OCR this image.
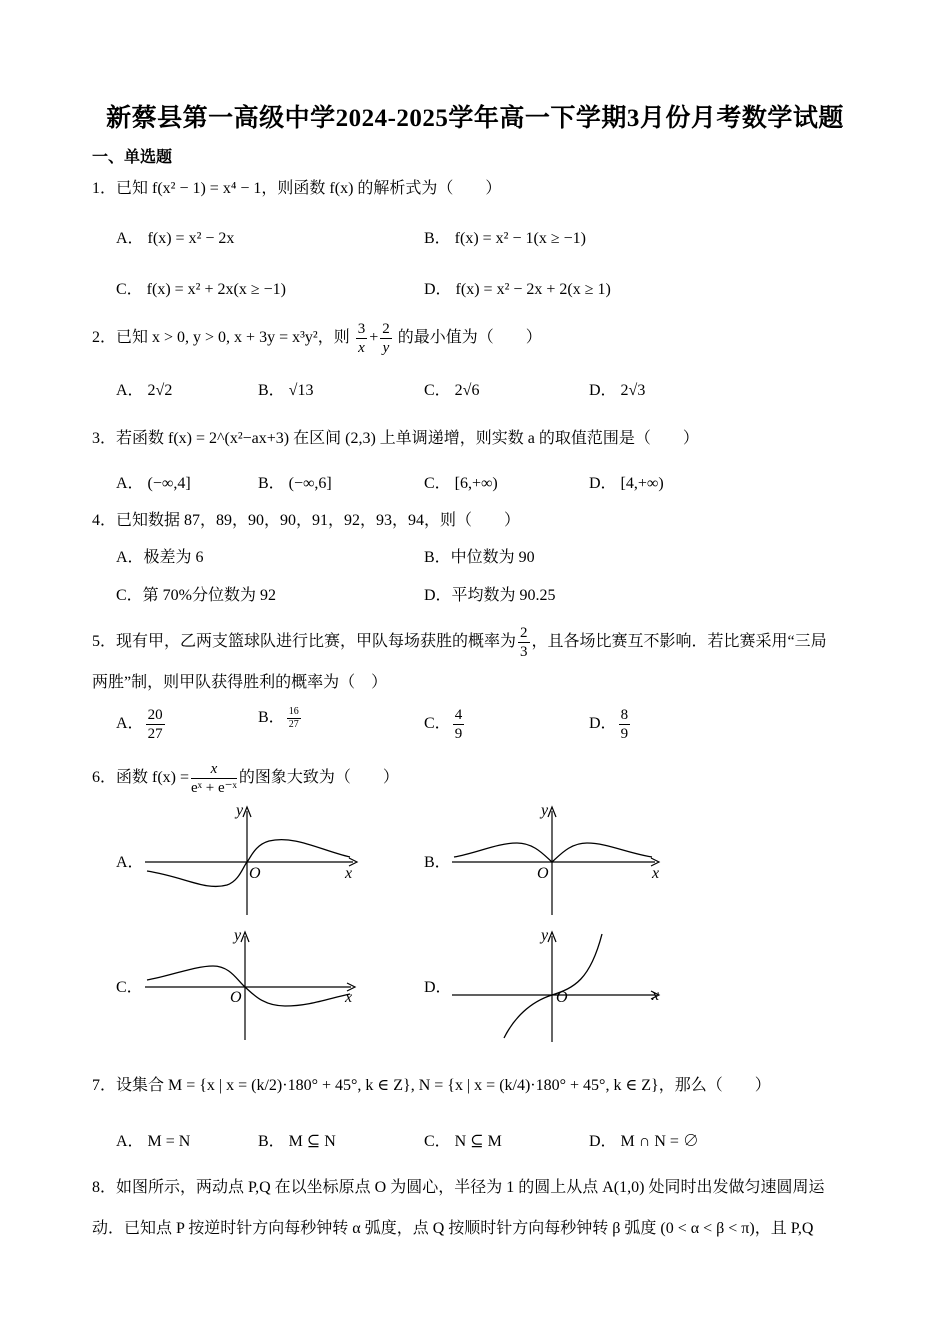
新蔡县第一高级中学2024-2025学年高一下学期3月份月考数学试题
一、单选题
1．已知 f(x² − 1) = x⁴ − 1，则函数 f(x) 的解析式为（　　）
A． f(x) = x² − 2x	B． f(x) = x² − 1(x ≥ −1)
C． f(x) = x² + 2x(x ≥ −1)	D． f(x) = x² − 2x + 2(x ≥ 1)
2．已知 x > 0, y > 0, x + 3y = x³y²，则 $\frac{3}{x} + \frac{2}{y}$ 的最小值为（　　）
A． 2√2	B． √13	C． 2√6	D． 2√3
3．若函数 f(x) = 2^(x²−ax+3) 在区间 (2,3) 上单调递增，则实数 a 的取值范围是（　　）
A． (−∞,4]	B． (−∞,6]	C． [6,+∞)	D． [4,+∞)
4．已知数据 87，89，90，90，91，92，93，94，则（　　）
A．极差为 6	B．中位数为 90
C．第 70%分位数为 92	D．平均数为 90.25
5．现有甲，乙两支篮球队进行比赛，甲队每场获胜的概率为 $\frac{2}{3}$ ，且各场比赛互不影响．若比赛采用“三局
两胜”制，则甲队获得胜利的概率为（　）
A． $\frac{20}{27}$	B． $\frac{16}{27}$	C． $\frac{4}{9}$	D． $\frac{8}{9}$
6．函数 $f(x) = \frac{x}{\text{eˣ + e⁻ˣ}}$ 的图象大致为（　　）
A．	B．
C．	D．
y
x
O
y
x
O
y
x
O
y
x
O
7．设集合 M = {x | x = (k/2)·180° + 45°, k ∈ Z}, N = {x | x = (k/4)·180° + 45°, k ∈ Z}，那么（　　）
A． M = N	B． M ⊆ N	C． N ⊆ M	D． M ∩ N = ∅
8．如图所示，两动点 P,Q 在以坐标原点 O 为圆心，半径为 1 的圆上从点 A(1,0) 处同时出发做匀速圆周运
动．已知点 P 按逆时针方向每秒钟转 α 弧度，点 Q 按顺时针方向每秒钟转 β 弧度 (0 < α < β < π)，且 P,Q
